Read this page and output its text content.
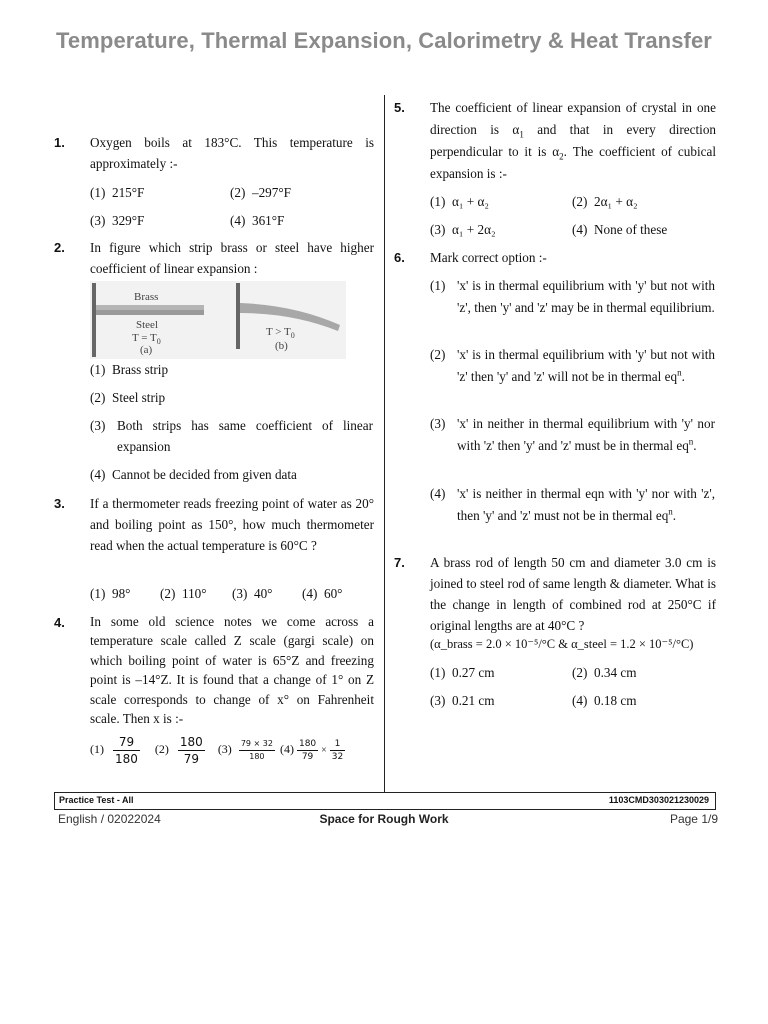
Temperature, Thermal Expansion, Calorimetry & Heat Transfer
1. Oxygen boils at 183°C. This temperature is approximately :-
(1) 215°F	(2) –297°F
(3) 329°F	(4) 361°F
2. In figure which strip brass or steel have higher coefficient of linear expansion :
Brass
Steel
$T = T_0$
(a)
$T > T_0$
(b)
(1) Brass strip
(2) Steel strip
(3) Both strips has same coefficient of linear expansion
(4) Cannot be decided from given data
3. If a thermometer reads freezing point of water as 20° and boiling point as 150°, how much thermometer read when the actual temperature is 60°C ?
(1) 98° (2) 110° (3) 40° (4) 60°
4. In some old science notes we come across a temperature scale called Z scale (gargi scale) on which boiling point of water is 65°Z and freezing point is –14°Z. It is found that a change of 1° on Z scale corresponds to change of x° on Fahrenheit scale. Then x is :-
$(1) \frac{79}{180} (2) \frac{180}{79} (3) \frac{79 \times 32}{180} (4) \frac{180}{79} \times \frac{1}{32}$
5. The coefficient of linear expansion of crystal in one direction is $\alpha_1$ and that in every direction perpendicular to it is $\alpha_2$. The coefficient of cubical expansion is :-
(1) α₁ + α₂	(2) 2α₁ + α₂
(3) α₁ + 2α₂	(4) None of these
6. Mark correct option :-
(1) 'x' is in thermal equilibrium with 'y' but not with 'z', then 'y' and 'z' may be in thermal equilibrium.
(2) 'x' is in thermal equilibrium with 'y' but not with 'z' then 'y' and 'z' will not be in thermal $eq^n$.
(3) 'x' in neither in thermal equilibrium with 'y' nor with 'z' then 'y' and 'z' must be in thermal $eq^n$.
(4) 'x' is neither in thermal eqn with 'y' nor with 'z', then 'y' and 'z' must not be in thermal $eq^n$.
7. A brass rod of length 50 cm and diameter 3.0 cm is joined to steel rod of same length & diameter. What is the change in length of combined rod at 250°C if original lengths are at 40°C ?
(α_brass = 2.0 × 10⁻⁵/°C & α_steel = 1.2 × 10⁻⁵/°C)
(1) 0.27 cm	(2) 0.34 cm
(3) 0.21 cm	(4) 0.18 cm
Practice Test - All	1103CMD303021230029
English / 02022024	Space for Rough Work	Page 1/9
